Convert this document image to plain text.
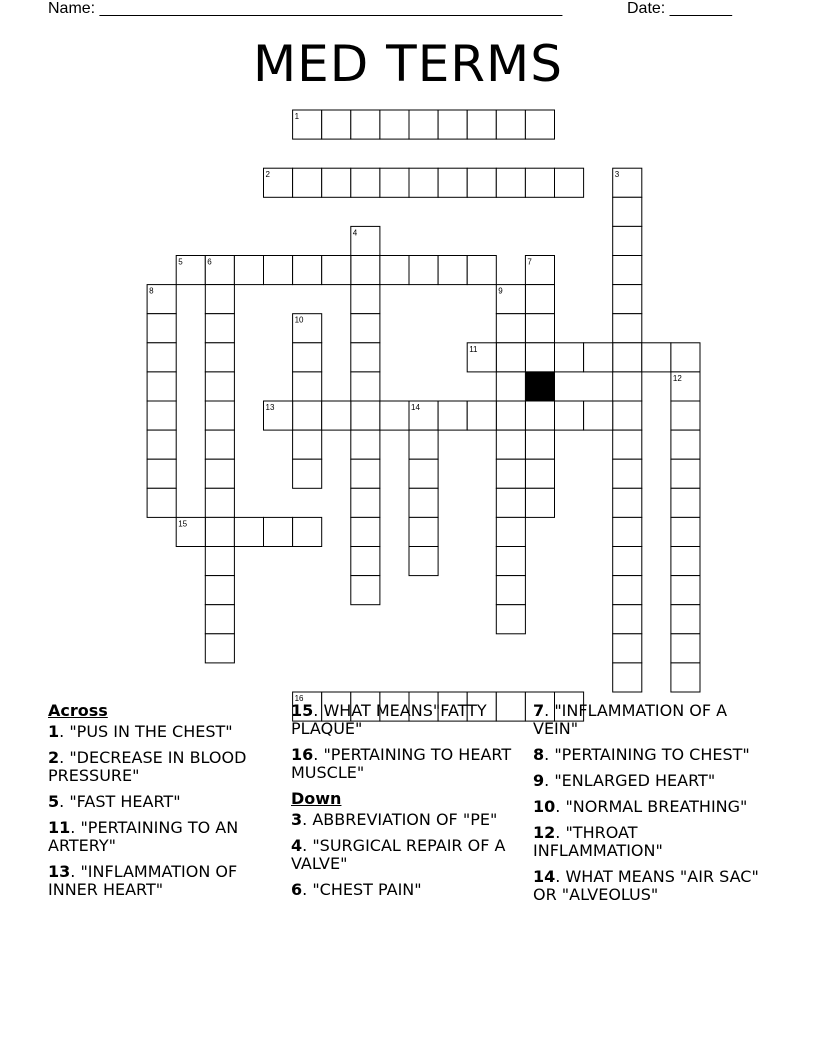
Name: ____________________________________________________	Date: _______
MED TERMS
1
2	3
4
5	6	7
8	9
10
11
12
13	14
15
16
Across
1. "PUS IN THE CHEST"
2. "DECREASE IN BLOOD PRESSURE"
5. "FAST HEART"
11. "PERTAINING TO AN ARTERY"
13. "INFLAMMATION OF INNER HEART"
15. WHAT MEANS"FATTY PLAQUE"
16. "PERTAINING TO HEART MUSCLE"
Down
3. ABBREVIATION OF "PE"
4. "SURGICAL REPAIR OF A VALVE"
6. "CHEST PAIN"
7. "INFLAMMATION OF A VEIN"
8. "PERTAINING TO CHEST"
9. "ENLARGED HEART"
10. "NORMAL BREATHING"
12. "THROAT INFLAMMATION"
14. WHAT MEANS "AIR SAC" OR "ALVEOLUS"
